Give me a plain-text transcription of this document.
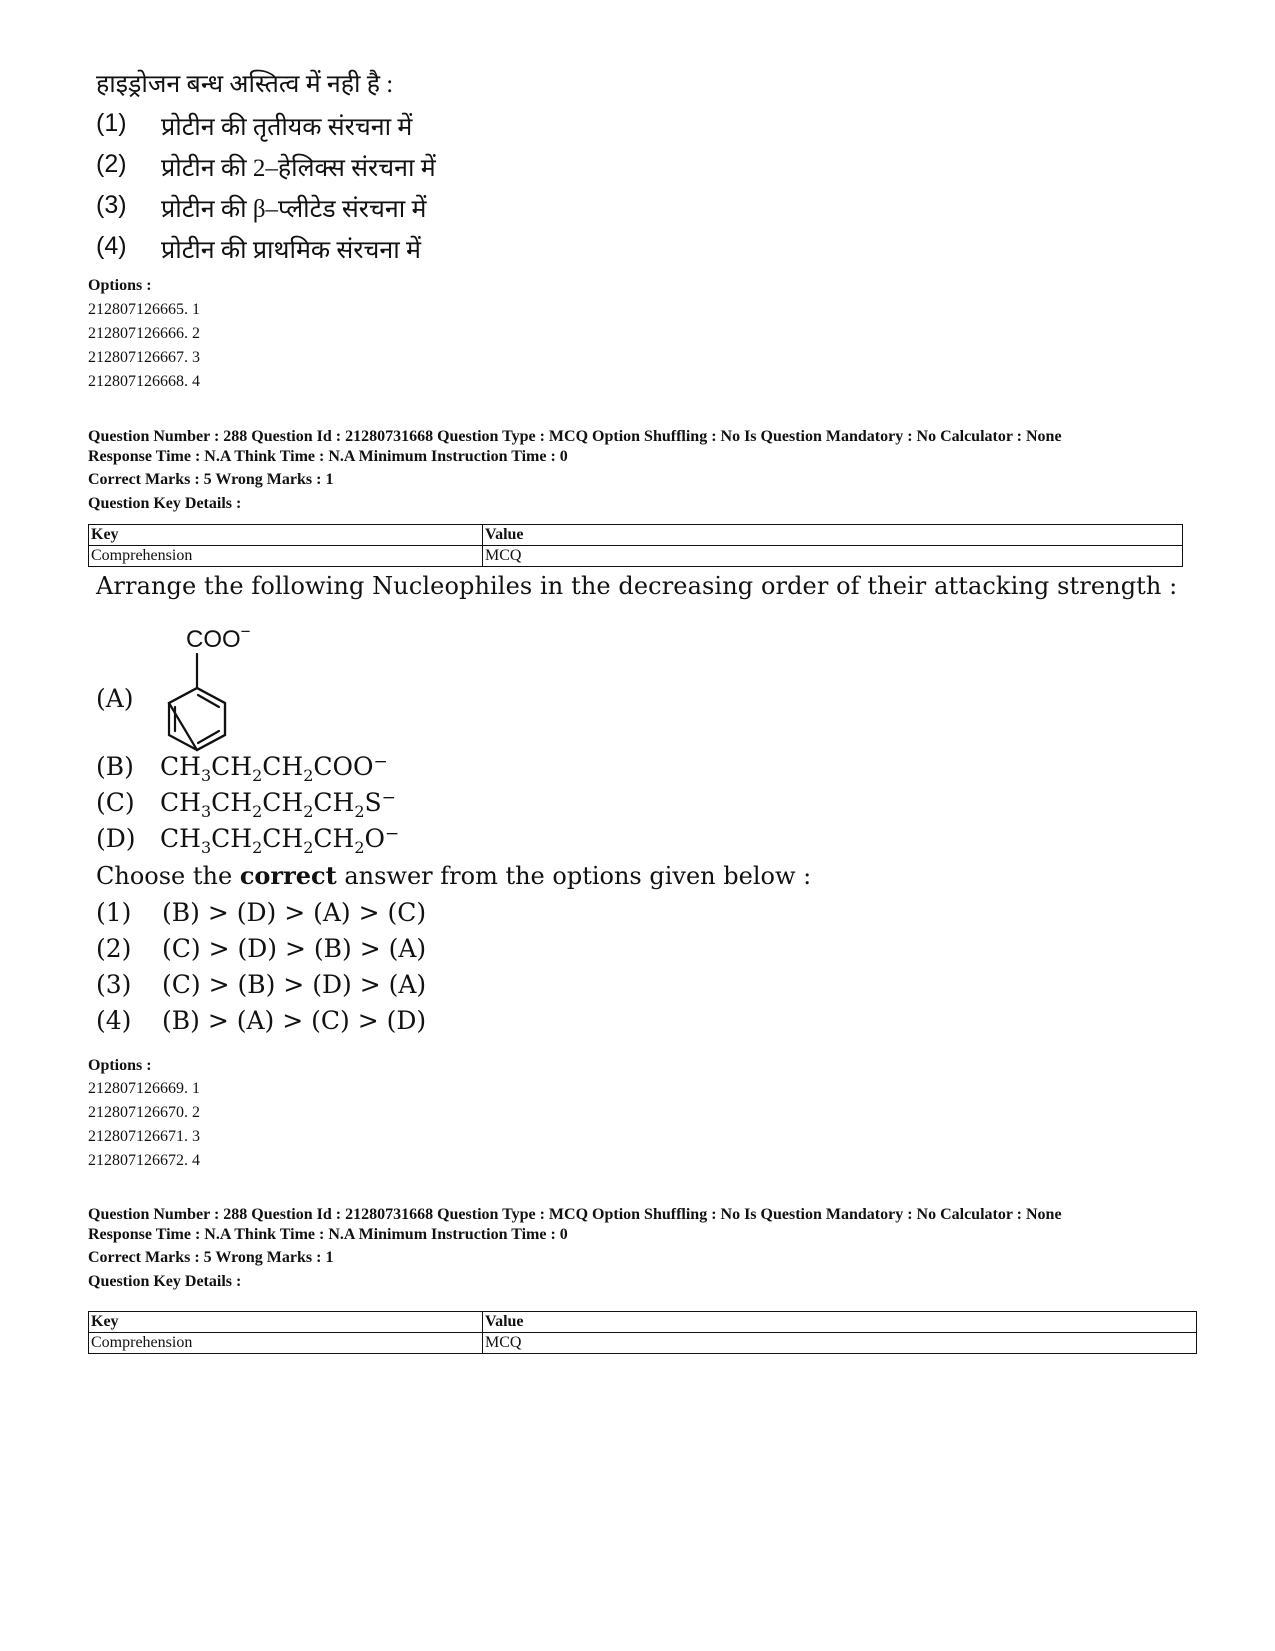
हाइड्रोजन बन्ध अस्तित्व में नही है :
(1)	प्रोटीन की तृतीयक संरचना में
(2)	प्रोटीन की 2–हेलिक्स संरचना में
(3)	प्रोटीन की β–प्लीटेड संरचना में
(4)	प्रोटीन की प्राथमिक संरचना में
Options :
212807126665. 1
212807126666. 2
212807126667. 3
212807126668. 4
Question Number : 288 Question Id : 21280731668 Question Type : MCQ Option Shuffling : No Is Question Mandatory : No Calculator : None
Response Time : N.A Think Time : N.A Minimum Instruction Time : 0
Correct Marks : 5 Wrong Marks : 1
Question Key Details :
Key	Value
Comprehension	MCQ
Arrange the following Nucleophiles in the decreasing order of their attacking strength :
(A)
COO−
(B)	$CH_3CH_2CH_2COO^-$
(C)	$CH_3CH_2CH_2CH_2S^-$
(D) $CH_3CH_2CH_2CH_2O^-$
Choose the correct answer from the options given below :
(1)	(B) > (D) > (A) > (C)
(2)	(C) > (D) > (B) > (A)
(3)	(C) > (B) > (D) > (A)
(4)	(B) > (A) > (C) > (D)
Options :
212807126669. 1
212807126670. 2
212807126671. 3
212807126672. 4
Question Number : 288 Question Id : 21280731668 Question Type : MCQ Option Shuffling : No Is Question Mandatory : No Calculator : None
Response Time : N.A Think Time : N.A Minimum Instruction Time : 0
Correct Marks : 5 Wrong Marks : 1
Question Key Details :
Key	Value
Comprehension	MCQ
